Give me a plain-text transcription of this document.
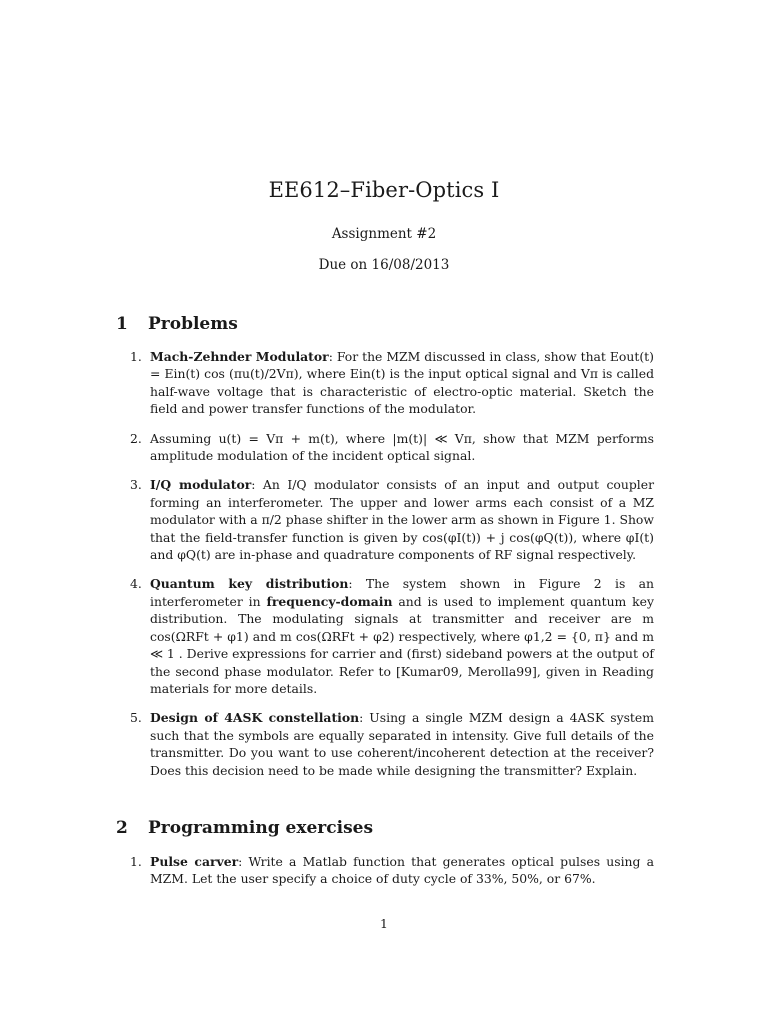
EE612–Fiber-Optics I
Assignment #2
Due on 16/08/2013
1 Problems
1. Mach-Zehnder Modulator: For the MZM discussed in class, show that Eout(t) = Ein(t) cos (πu(t)/2Vπ), where Ein(t) is the input optical signal and Vπ is called half-wave voltage that is characteristic of electro-optic material. Sketch the field and power transfer functions of the modulator.
2. Assuming u(t) = Vπ + m(t), where |m(t)| ≪ Vπ, show that MZM performs amplitude modulation of the incident optical signal.
3. I/Q modulator: An I/Q modulator consists of an input and output coupler forming an interferometer. The upper and lower arms each consist of a MZ modulator with a π/2 phase shifter in the lower arm as shown in Figure 1. Show that the field-transfer function is given by cos(φI(t)) + j cos(φQ(t)), where φI(t) and φQ(t) are in-phase and quadrature components of RF signal respectively.
4. Quantum key distribution: The system shown in Figure 2 is an interferometer in frequency-domain and is used to implement quantum key distribution. The modulating signals at transmitter and receiver are m cos(ΩRFt + φ1) and m cos(ΩRFt + φ2) respectively, where φ1,2 = {0, π} and m ≪ 1 . Derive expressions for carrier and (first) sideband powers at the output of the second phase modulator. Refer to [Kumar09, Merolla99], given in Reading materials for more details.
5. Design of 4ASK constellation: Using a single MZM design a 4ASK system such that the symbols are equally separated in intensity. Give full details of the transmitter. Do you want to use coherent/incoherent detection at the receiver? Does this decision need to be made while designing the transmitter? Explain.
2 Programming exercises
1. Pulse carver: Write a Matlab function that generates optical pulses using a MZM. Let the user specify a choice of duty cycle of 33%, 50%, or 67%.
1
